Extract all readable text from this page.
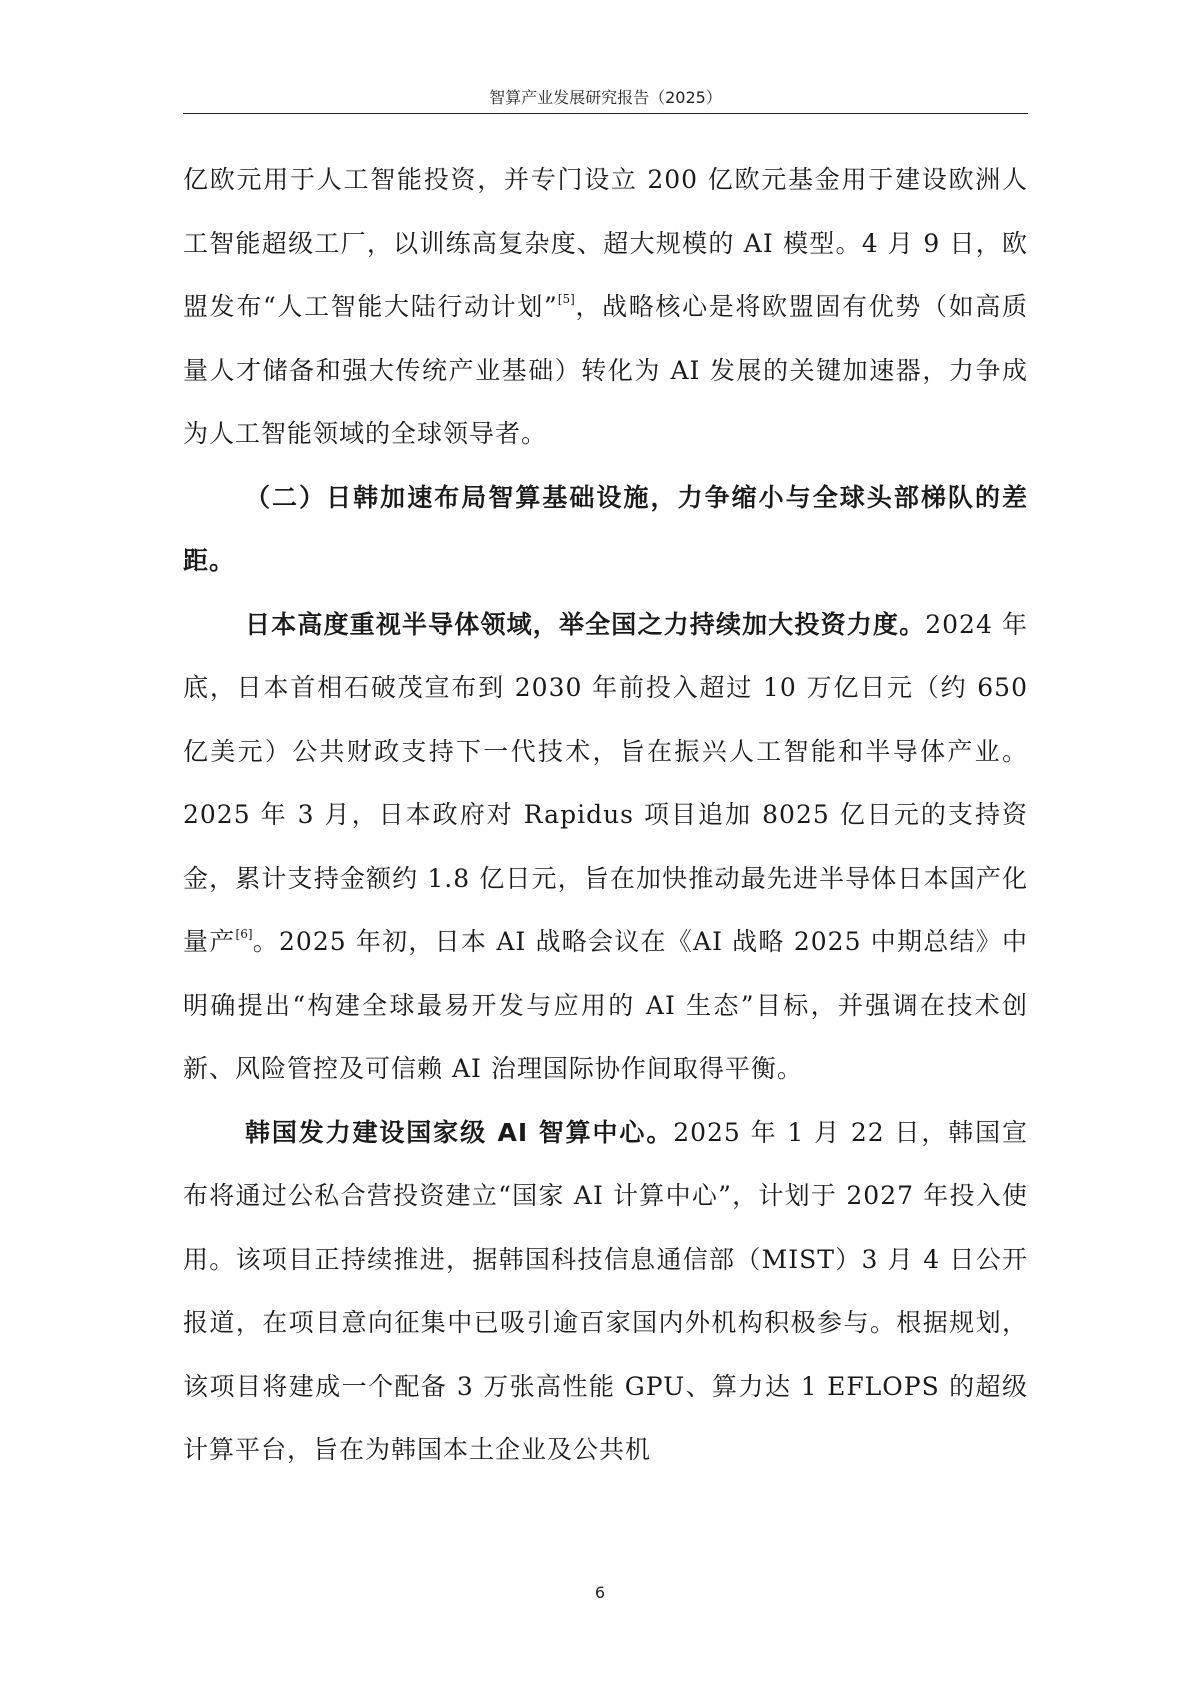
智算产业发展研究报告（2025）

亿欧元用于人工智能投资，并专门设立 200 亿欧元基金用于建设欧洲人工智能超级工厂，以训练高复杂度、超大规模的 AI 模型。4 月 9 日，欧盟发布“人工智能大陆行动计划”[5]，战略核心是将欧盟固有优势（如高质量人才储备和强大传统产业基础）转化为 AI 发展的关键加速器，力争成为人工智能领域的全球领导者。

（二）日韩加速布局智算基础设施，力争缩小与全球头部梯队的差距。

日本高度重视半导体领域，举全国之力持续加大投资力度。2024 年底，日本首相石破茂宣布到 2030 年前投入超过 10 万亿日元（约 650 亿美元）公共财政支持下一代技术，旨在振兴人工智能和半导体产业。2025 年 3 月，日本政府对 Rapidus 项目追加 8025 亿日元的支持资金，累计支持金额约 1.8 亿日元，旨在加快推动最先进半导体日本国产化量产[6]。2025 年初，日本 AI 战略会议在《AI 战略 2025 中期总结》中明确提出“构建全球最易开发与应用的 AI 生态”目标，并强调在技术创新、风险管控及可信赖 AI 治理国际协作间取得平衡。

韩国发力建设国家级 AI 智算中心。2025 年 1 月 22 日，韩国宣布将通过公私合营投资建立“国家 AI 计算中心”，计划于 2027 年投入使用。该项目正持续推进，据韩国科技信息通信部（MIST）3 月 4 日公开报道，在项目意向征集中已吸引逾百家国内外机构积极参与。根据规划，该项目将建成一个配备 3 万张高性能 GPU、算力达 1 EFLOPS 的超级计算平台，旨在为韩国本土企业及公共机

6
